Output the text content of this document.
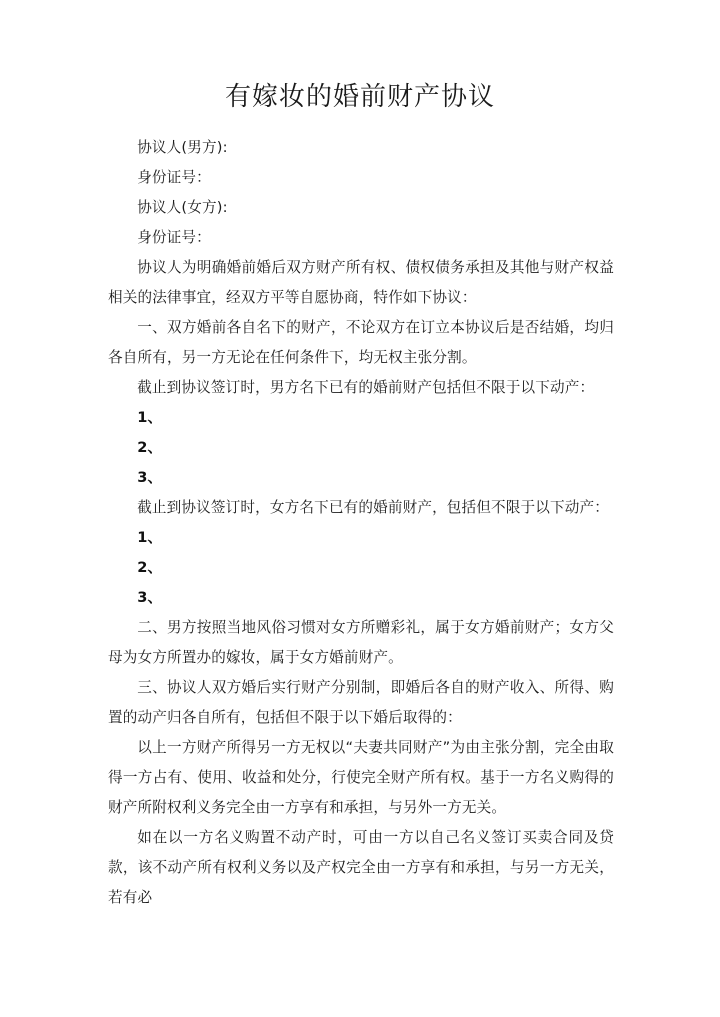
有嫁妆的婚前财产协议

协议人(男方):

身份证号：

协议人(女方):

身份证号：

协议人为明确婚前婚后双方财产所有权、债权债务承担及其他与财产权益相关的法律事宜，经双方平等自愿协商，特作如下协议：

一、双方婚前各自名下的财产，不论双方在订立本协议后是否结婚，均归各自所有，另一方无论在任何条件下，均无权主张分割。

截止到协议签订时，男方名下已有的婚前财产包括但不限于以下动产：

1、

2、

3、

截止到协议签订时，女方名下已有的婚前财产，包括但不限于以下动产：

1、

2、

3、

二、男方按照当地风俗习惯对女方所赠彩礼，属于女方婚前财产；女方父母为女方所置办的嫁妆，属于女方婚前财产。

三、协议人双方婚后实行财产分别制，即婚后各自的财产收入、所得、购置的动产归各自所有，包括但不限于以下婚后取得的：

以上一方财产所得另一方无权以“夫妻共同财产”为由主张分割，完全由取得一方占有、使用、收益和处分，行使完全财产所有权。基于一方名义购得的财产所附权利义务完全由一方享有和承担，与另外一方无关。

如在以一方名义购置不动产时，可由一方以自己名义签订买卖合同及贷款，该不动产所有权利义务以及产权完全由一方享有和承担，与另一方无关，若有必
